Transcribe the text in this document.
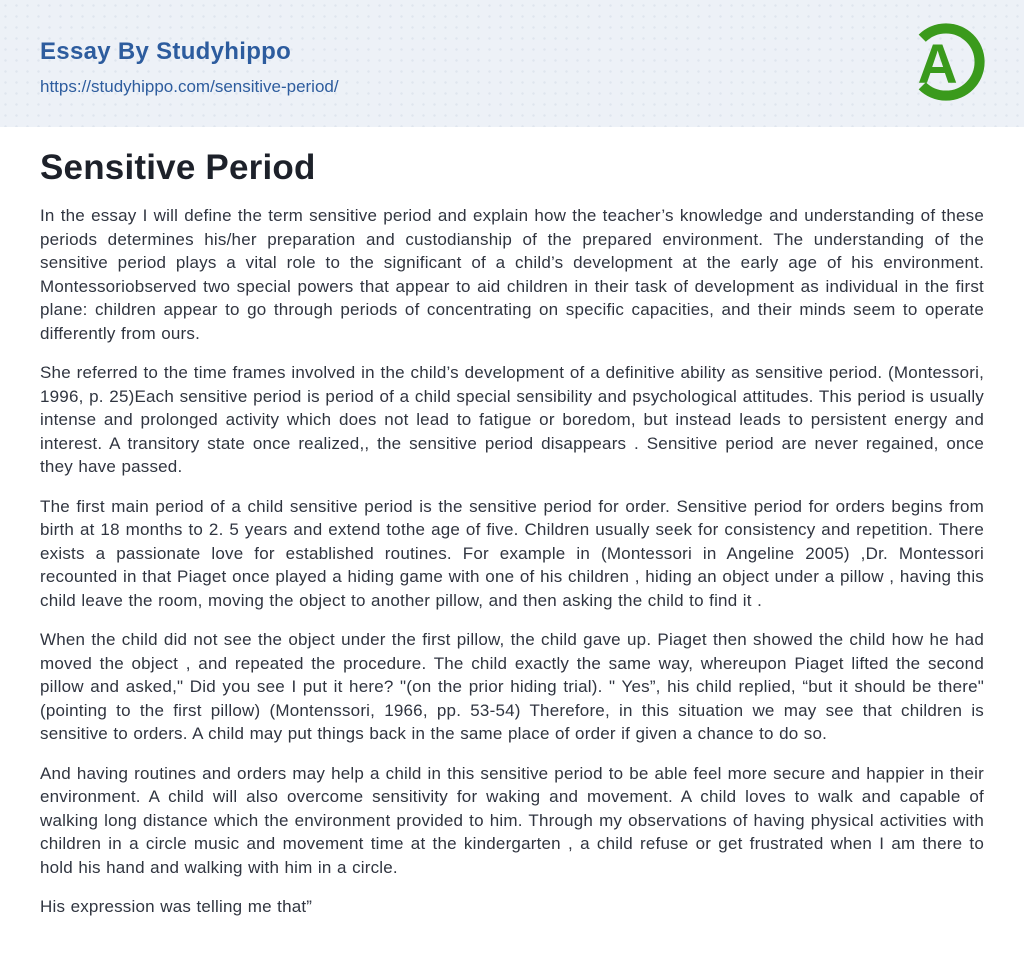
Essay By Studyhippo
https://studyhippo.com/sensitive-period/	A
Sensitive Period

In the essay I will define the term sensitive period and explain how the teacher’s knowledge and understanding of these periods determines his/her preparation and custodianship of the prepared environment. The understanding of the sensitive period plays a vital role to the significant of a child’s development at the early age of his environment. Montessoriobserved two special powers that appear to aid children in their task of development as individual in the first plane: children appear to go through periods of concentrating on specific capacities, and their minds seem to operate differently from ours.

She referred to the time frames involved in the child’s development of a definitive ability as sensitive period. (Montessori, 1996, p. 25)Each sensitive period is period of a child special sensibility and psychological attitudes. This period is usually intense and prolonged activity which does not lead to fatigue or boredom, but instead leads to persistent energy and interest. A transitory state once realized,, the sensitive period disappears . Sensitive period are never regained, once they have passed.

The first main period of a child sensitive period is the sensitive period for order. Sensitive period for orders begins from birth at 18 months to 2. 5 years and extend tothe age of five. Children usually seek for consistency and repetition. There exists a passionate love for established routines. For example in (Montessori in Angeline 2005) ,Dr. Montessori recounted in that Piaget once played a hiding game with one of his children , hiding an object under a pillow , having this child leave the room, moving the object to another pillow, and then asking the child to find it .

When the child did not see the object under the first pillow, the child gave up. Piaget then showed the child how he had moved the object , and repeated the procedure. The child exactly the same way, whereupon Piaget lifted the second pillow and asked," Did you see I put it here? "(on the prior hiding trial). " Yes”, his child replied, “but it should be there" (pointing to the first pillow) (Montenssori, 1966, pp. 53-54) Therefore, in this situation we may see that children is sensitive to orders. A child may put things back in the same place of order if given a chance to do so.

And having routines and orders may help a child in this sensitive period to be able feel more secure and happier in their environment. A child will also overcome sensitivity for waking and movement. A child loves to walk and capable of walking long distance which the environment provided to him. Through my observations of having physical activities with children in a circle music and movement time at the kindergarten , a child refuse or get frustrated when I am there to hold his hand and walking with him in a circle.

His expression was telling me that”
